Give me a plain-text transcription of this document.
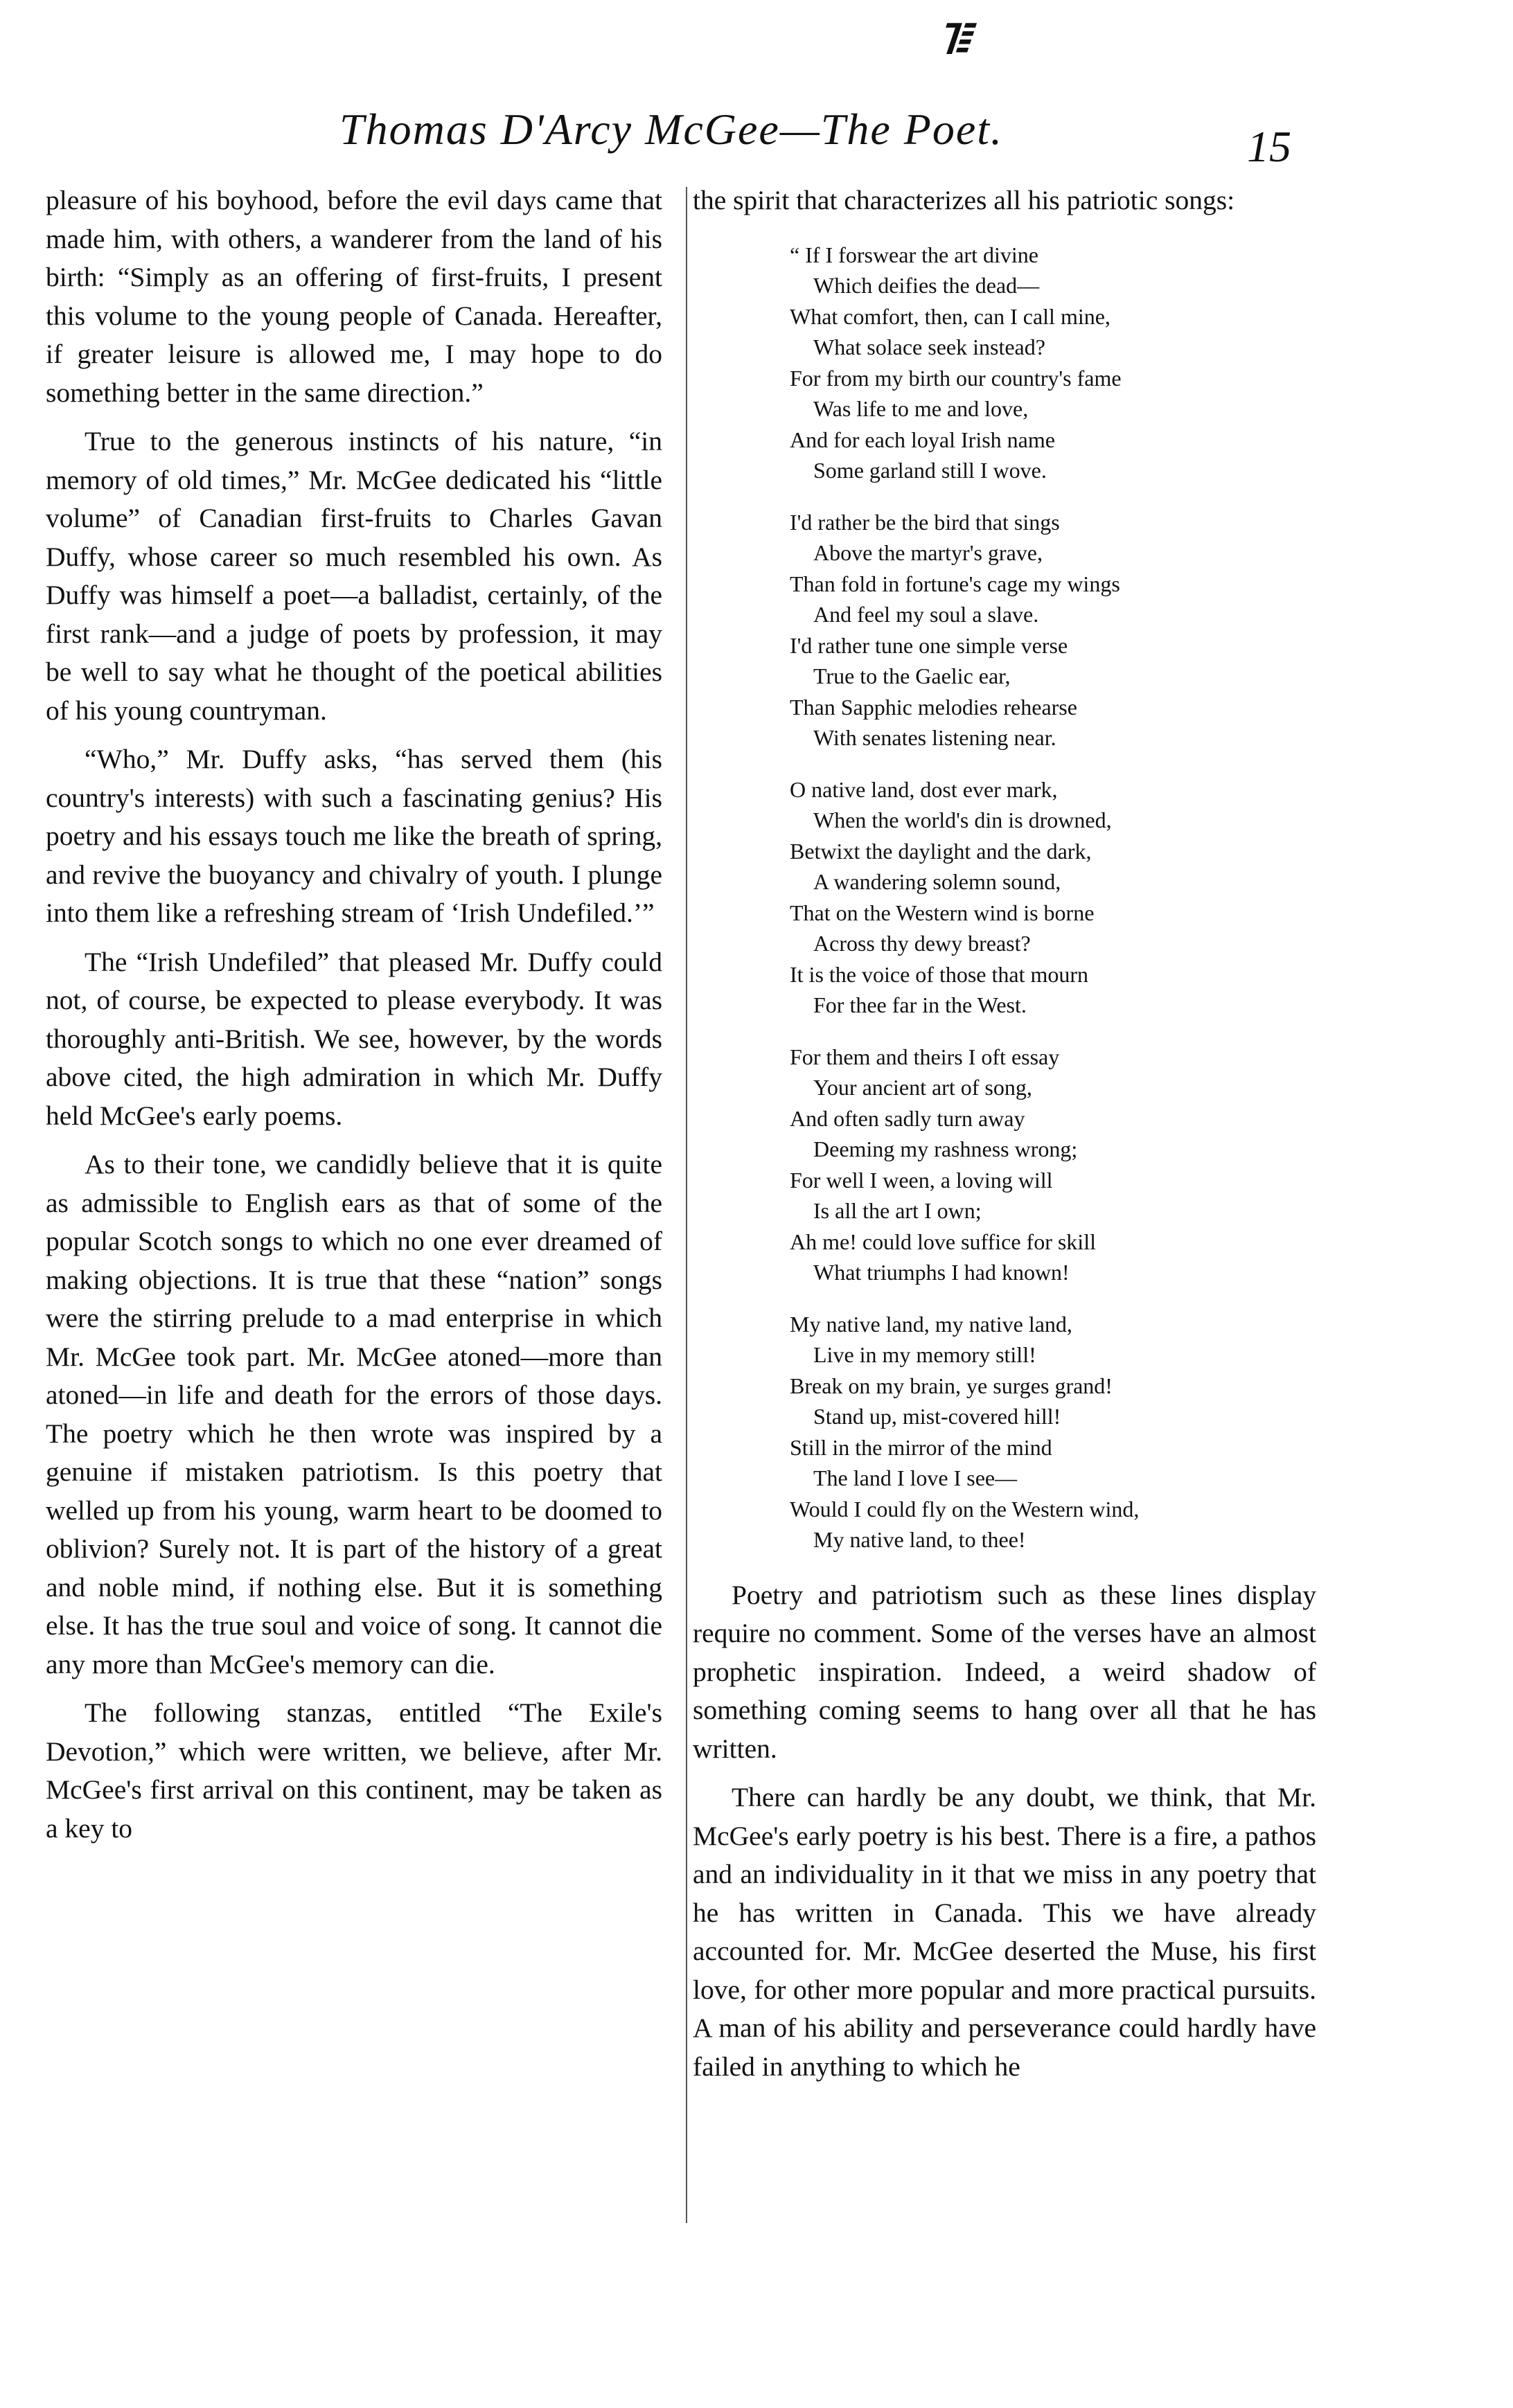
᳅
Thomas D'Arcy McGee—The Poet.	15

pleasure of his boyhood, before the evil days came that made him, with others, a wanderer from the land of his birth: “Simply as an offering of first-fruits, I present this volume to the young people of Canada. Hereafter, if greater leisure is allowed me, I may hope to do something better in the same direction.”

True to the generous instincts of his nature, “in memory of old times,” Mr. McGee dedicated his “little volume” of Canadian first-fruits to Charles Gavan Duffy, whose career so much resembled his own. As Duffy was himself a poet—a balladist, certainly, of the first rank—and a judge of poets by profession, it may be well to say what he thought of the poetical abilities of his young countryman.

“Who,” Mr. Duffy asks, “has served them (his country's interests) with such a fascinating genius? His poetry and his essays touch me like the breath of spring, and revive the buoyancy and chivalry of youth. I plunge into them like a refreshing stream of ‘Irish Undefiled.’”

The “Irish Undefiled” that pleased Mr. Duffy could not, of course, be expected to please everybody. It was thoroughly anti-British. We see, however, by the words above cited, the high admiration in which Mr. Duffy held McGee's early poems.

As to their tone, we candidly believe that it is quite as admissible to English ears as that of some of the popular Scotch songs to which no one ever dreamed of making objections. It is true that these “nation” songs were the stirring prelude to a mad enterprise in which Mr. McGee took part. Mr. McGee atoned—more than atoned—in life and death for the errors of those days. The poetry which he then wrote was inspired by a genuine if mistaken patriotism. Is this poetry that welled up from his young, warm heart to be doomed to oblivion? Surely not. It is part of the history of a great and noble mind, if nothing else. But it is something else. It has the true soul and voice of song. It cannot die any more than McGee's memory can die.

The following stanzas, entitled “The Exile's Devotion,” which were written, we believe, after Mr. McGee's first arrival on this continent, may be taken as a key to

the spirit that characterizes all his patriotic songs:

“ If I forswear the art divine
Which deifies the dead—
What comfort, then, can I call mine,
What solace seek instead?
For from my birth our country's fame
Was life to me and love,
And for each loyal Irish name
Some garland still I wove.
I'd rather be the bird that sings
Above the martyr's grave,
Than fold in fortune's cage my wings
And feel my soul a slave.
I'd rather tune one simple verse
True to the Gaelic ear,
Than Sapphic melodies rehearse
With senates listening near.
O native land, dost ever mark,
When the world's din is drowned,
Betwixt the daylight and the dark,
A wandering solemn sound,
That on the Western wind is borne
Across thy dewy breast?
It is the voice of those that mourn
For thee far in the West.
For them and theirs I oft essay
Your ancient art of song,
And often sadly turn away
Deeming my rashness wrong;
For well I ween, a loving will
Is all the art I own;
Ah me! could love suffice for skill
What triumphs I had known!
My native land, my native land,
Live in my memory still!
Break on my brain, ye surges grand!
Stand up, mist-covered hill!
Still in the mirror of the mind
The land I love I see—
Would I could fly on the Western wind,
My native land, to thee!

Poetry and patriotism such as these lines display require no comment. Some of the verses have an almost prophetic inspiration. Indeed, a weird shadow of something coming seems to hang over all that he has written.

There can hardly be any doubt, we think, that Mr. McGee's early poetry is his best. There is a fire, a pathos and an individuality in it that we miss in any poetry that he has written in Canada. This we have already accounted for. Mr. McGee deserted the Muse, his first love, for other more popular and more practical pursuits. A man of his ability and perseverance could hardly have failed in anything to which he
